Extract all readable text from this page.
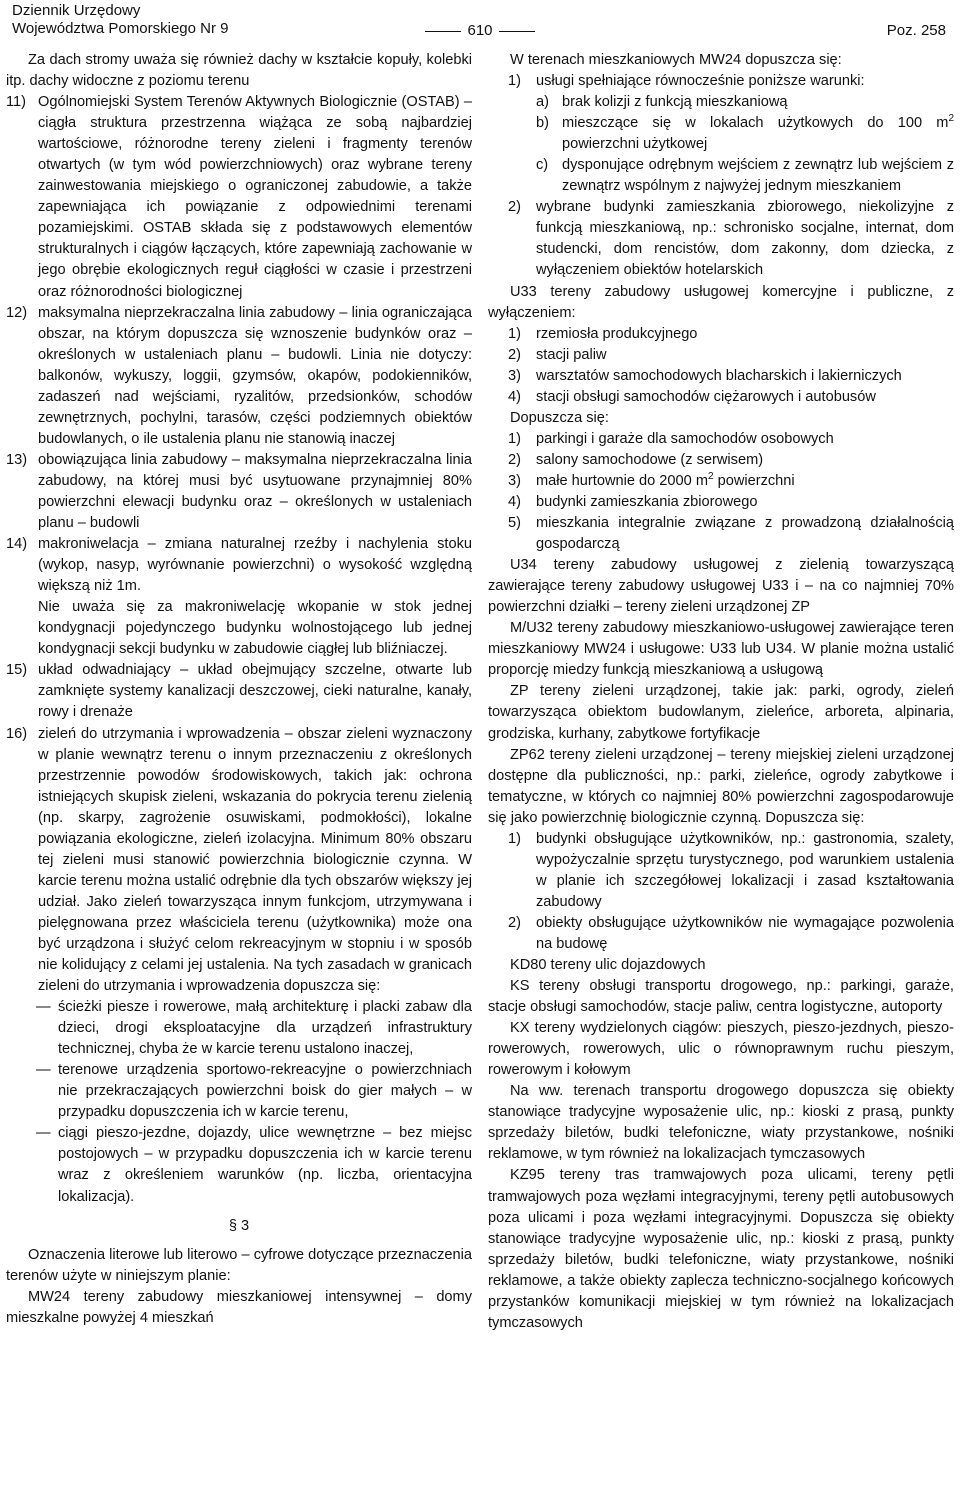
Dziennik Urzędowy
Województwa Pomorskiego Nr 9	610	Poz. 258

Za dach stromy uważa się również dachy w kształcie kopuły, kolebki itp. dachy widoczne z poziomu terenu

11) Ogólnomiejski System Terenów Aktywnych Biologicznie (OSTAB) – ciągła struktura przestrzenna wiążąca ze sobą najbardziej wartościowe, różnorodne tereny zieleni i fragmenty terenów otwartych (w tym wód powierzchniowych) oraz wybrane tereny zainwestowania miejskiego o ograniczonej zabudowie, a także zapewniająca ich powiązanie z odpowiednimi terenami pozamiejskimi. OSTAB składa się z podstawowych elementów strukturalnych i ciągów łączących, które zapewniają zachowanie w jego obrębie ekologicznych reguł ciągłości w czasie i przestrzeni oraz różnorodności biologicznej
12) maksymalna nieprzekraczalna linia zabudowy – linia ograniczająca obszar, na którym dopuszcza się wznoszenie budynków oraz – określonych w ustaleniach planu – budowli. Linia nie dotyczy: balkonów, wykuszy, loggii, gzymsów, okapów, podokienników, zadaszeń nad wejściami, ryzalitów, przedsionków, schodów zewnętrznych, pochylni, tarasów, części podziemnych obiektów budowlanych, o ile ustalenia planu nie stanowią inaczej
13) obowiązująca linia zabudowy – maksymalna nieprzekraczalna linia zabudowy, na której musi być usytuowane przynajmniej 80% powierzchni elewacji budynku oraz – określonych w ustaleniach planu – budowli
14) makroniwelacja – zmiana naturalnej rzeźby i nachylenia stoku (wykop, nasyp, wyrównanie powierzchni) o wysokość względną większą niż 1m.

Nie uważa się za makroniwelację wkopanie w stok jednej kondygnacji pojedynczego budynku wolnostojącego lub jednej kondygnacji sekcji budynku w zabudowie ciągłej lub bliźniaczej.

15) układ odwadniający – układ obejmujący szczelne, otwarte lub zamknięte systemy kanalizacji deszczowej, cieki naturalne, kanały, rowy i drenaże
16) zieleń do utrzymania i wprowadzenia – obszar zieleni wyznaczony w planie wewnątrz terenu o innym przeznaczeniu z określonych przestrzennie powodów środowiskowych, takich jak: ochrona istniejących skupisk zieleni, wskazania do pokrycia terenu zielenią (np. skarpy, zagrożenie osuwiskami, podmokłości), lokalne powiązania ekologiczne, zieleń izolacyjna. Minimum 80% obszaru tej zieleni musi stanowić powierzchnia biologicznie czynna. W karcie terenu można ustalić odrębnie dla tych obszarów większy jej udział. Jako zieleń towarzysząca innym funkcjom, utrzymywana i pielęgnowana przez właściciela terenu (użytkownika) może ona być urządzona i służyć celom rekreacyjnym w stopniu i w sposób nie kolidujący z celami jej ustalenia. Na tych zasadach w granicach zieleni do utrzymania i wprowadzenia dopuszcza się:
— ścieżki piesze i rowerowe, małą architekturę i placki zabaw dla dzieci, drogi eksploatacyjne dla urządzeń infrastruktury technicznej, chyba że w karcie terenu ustalono inaczej,
— terenowe urządzenia sportowo-rekreacyjne o powierzchniach nie przekraczających powierzchni boisk do gier małych – w przypadku dopuszczenia ich w karcie terenu,
— ciągi pieszo-jezdne, dojazdy, ulice wewnętrzne – bez miejsc postojowych – w przypadku dopuszczenia ich w karcie terenu wraz z określeniem warunków (np. liczba, orientacyjna lokalizacja).

§ 3

Oznaczenia literowe lub literowo – cyfrowe dotyczące przeznaczenia terenów użyte w niniejszym planie:

MW24 tereny zabudowy mieszkaniowej intensywnej – domy mieszkalne powyżej 4 mieszkań

W terenach mieszkaniowych MW24 dopuszcza się:

1)	usługi spełniające równocześnie poniższe warunki:
a) brak kolizji z funkcją mieszkaniową
b) mieszczące się w lokalach użytkowych do 100 $m^2$ powierzchni użytkowej
c) dysponujące odrębnym wejściem z zewnątrz lub wejściem z zewnątrz wspólnym z najwyżej jednym mieszkaniem
2)	wybrane budynki zamieszkania zbiorowego, niekolizyjne z funkcją mieszkaniową, np.: schronisko socjalne, internat, dom studencki, dom rencistów, dom zakonny, dom dziecka, z wyłączeniem obiektów hotelarskich

U33 tereny zabudowy usługowej komercyjne i publiczne, z wyłączeniem:

1)	rzemiosła produkcyjnego
2)	stacji paliw
3)	warsztatów samochodowych blacharskich i lakierniczych
4)	stacji obsługi samochodów ciężarowych i autobusów

Dopuszcza się:

1)	parkingi i garaże dla samochodów osobowych
2)	salony samochodowe (z serwisem)
3)	małe hurtownie do 2000 $m^2$ powierzchni
4)	budynki zamieszkania zbiorowego
5)	mieszkania integralnie związane z prowadzoną działalnością gospodarczą

U34 tereny zabudowy usługowej z zielenią towarzyszącą zawierające tereny zabudowy usługowej U33 i – na co najmniej 70% powierzchni działki – tereny zieleni urządzonej ZP

M/U32 tereny zabudowy mieszkaniowo-usługowej zawierające teren mieszkaniowy MW24 i usługowe: U33 lub U34. W planie można ustalić proporcję miedzy funkcją mieszkaniową a usługową

ZP tereny zieleni urządzonej, takie jak: parki, ogrody, zieleń towarzysząca obiektom budowlanym, zieleńce, arboreta, alpinaria, grodziska, kurhany, zabytkowe fortyfikacje

ZP62 tereny zieleni urządzonej – tereny miejskiej zieleni urządzonej dostępne dla publiczności, np.: parki, zieleńce, ogrody zabytkowe i tematyczne, w których co najmniej 80% powierzchni zagospodarowuje się jako powierzchnię biologicznie czynną. Dopuszcza się:

1)	budynki obsługujące użytkowników, np.: gastronomia, szalety, wypożyczalnie sprzętu turystycznego, pod warunkiem ustalenia w planie ich szczegółowej lokalizacji i zasad kształtowania zabudowy
2)	obiekty obsługujące użytkowników nie wymagające pozwolenia na budowę

KD80 tereny ulic dojazdowych

KS tereny obsługi transportu drogowego, np.: parkingi, garaże, stacje obsługi samochodów, stacje paliw, centra logistyczne, autoporty

KX tereny wydzielonych ciągów: pieszych, pieszo-jezdnych, pieszo-rowerowych, rowerowych, ulic o równoprawnym ruchu pieszym, rowerowym i kołowym

Na ww. terenach transportu drogowego dopuszcza się obiekty stanowiące tradycyjne wyposażenie ulic, np.: kioski z prasą, punkty sprzedaży biletów, budki telefoniczne, wiaty przystankowe, nośniki reklamowe, w tym również na lokalizacjach tymczasowych

KZ95 tereny tras tramwajowych poza ulicami, tereny pętli tramwajowych poza węzłami integracyjnymi, tereny pętli autobusowych poza ulicami i poza węzłami integracyjnymi. Dopuszcza się obiekty stanowiące tradycyjne wyposażenie ulic, np.: kioski z prasą, punkty sprzedaży biletów, budki telefoniczne, wiaty przystankowe, nośniki reklamowe, a także obiekty zaplecza techniczno-socjalnego końcowych przystanków komunikacji miejskiej w tym również na lokalizacjach tymczasowych
